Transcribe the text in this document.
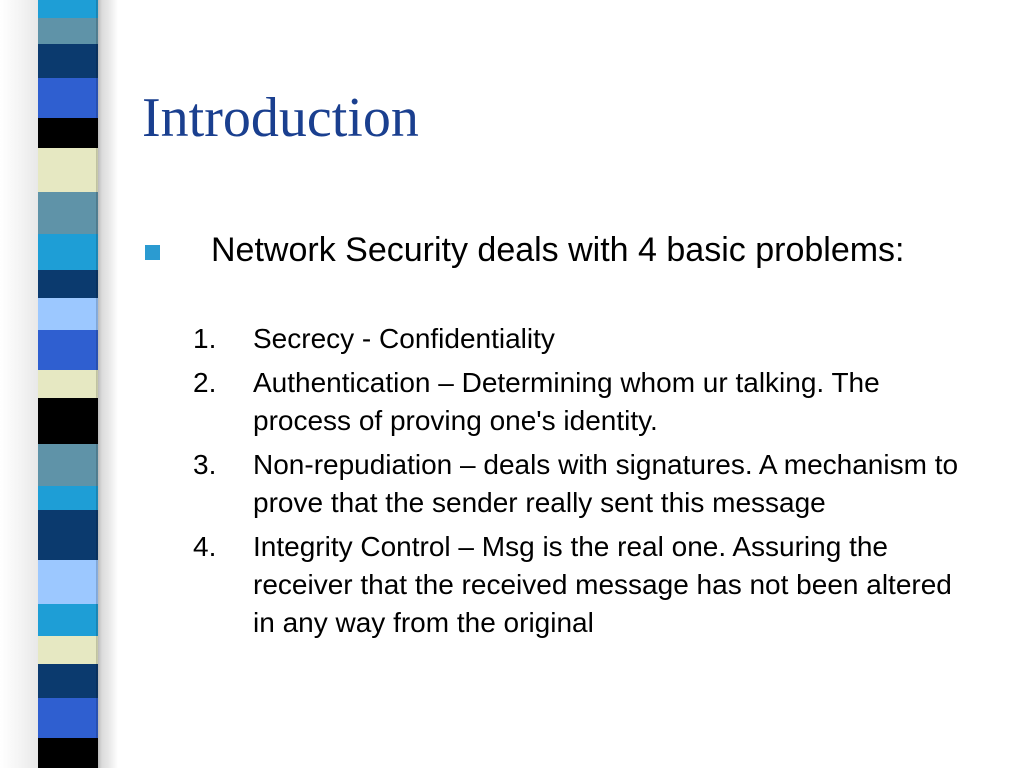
Introduction
Network Security deals with 4 basic problems:
1.	Secrecy - Confidentiality
2.	Authentication – Determining whom ur talking. The process of proving one's identity.
3.	Non-repudiation – deals with signatures. A mechanism to prove that the sender really sent this message
4.	Integrity Control – Msg is the real one. Assuring the receiver that the received message has not been altered in any way from the original
